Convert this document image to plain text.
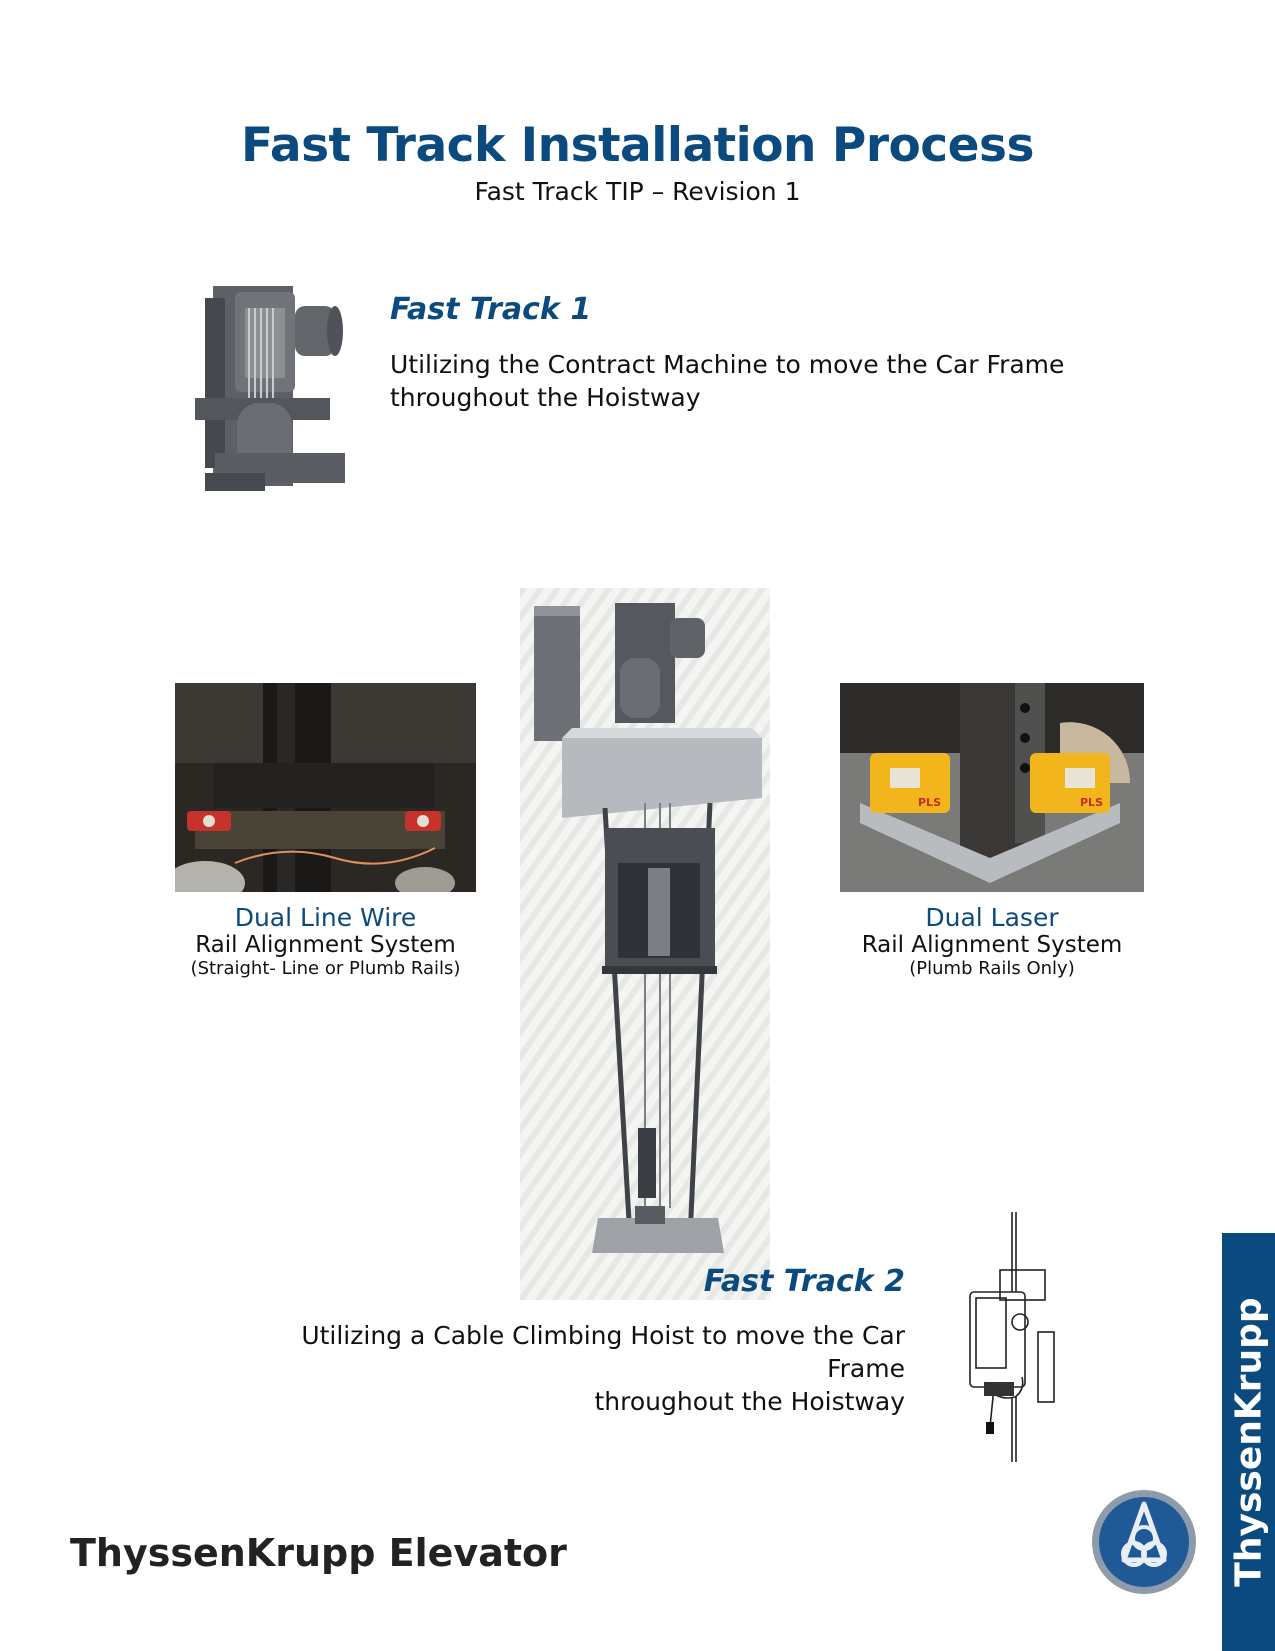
Fast Track Installation Process
Fast Track TIP – Revision 1
Fast Track 1
Utilizing the Contract Machine to move the Car Frame
throughout the Hoistway
Dual Line Wire
Rail Alignment System
(Straight- Line or Plumb Rails)
PLS	PLS
Dual Laser
Rail Alignment System
(Plumb Rails Only)
Fast Track 2
Utilizing a Cable Climbing Hoist to move the Car Frame
throughout the Hoistway
ThyssenKrupp Elevator	ThyssenKrupp
